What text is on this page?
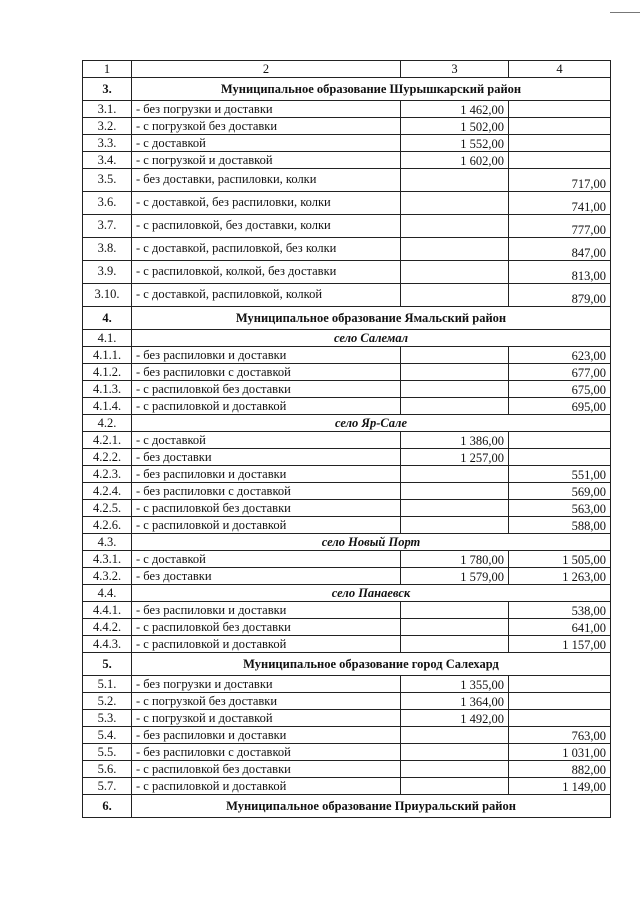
1	2	3	4
3.	Муниципальное образование Шурышкарский район		
3.1.	- без погрузки и доставки	1 462,00	
3.2.	- с погрузкой без доставки	1 502,00	
3.3.	- с доставкой	1 552,00	
3.4.	- с погрузкой и доставкой	1 602,00	
3.5.	- без доставки, распиловки, колки		717,00
3.6.	- с доставкой, без распиловки, колки		741,00
3.7.	- с распиловкой, без доставки, колки		777,00
3.8.	- с доставкой, распиловкой, без колки		847,00
3.9.	- с распиловкой, колкой, без доставки		813,00
3.10.	- с доставкой, распиловкой, колкой		879,00
4.	Муниципальное образование Ямальский район		
4.1.	село Салемал		
4.1.1.	- без распиловки и доставки		623,00
4.1.2.	- без распиловки с доставкой		677,00
4.1.3.	- с распиловкой без доставки		675,00
4.1.4.	- с распиловкой и доставкой		695,00
4.2.	село Яр-Сале		
4.2.1.	- с доставкой	1 386,00	
4.2.2.	- без доставки	1 257,00	
4.2.3.	- без распиловки и доставки		551,00
4.2.4.	- без распиловки с доставкой		569,00
4.2.5.	- с распиловкой без доставки		563,00
4.2.6.	- с распиловкой и доставкой		588,00
4.3.	село Новый Порт		
4.3.1.	- с доставкой	1 780,00	1 505,00
4.3.2.	- без доставки	1 579,00	1 263,00
4.4.	село Панаевск		
4.4.1.	- без распиловки и доставки		538,00
4.4.2.	- с распиловкой без доставки		641,00
4.4.3.	- с распиловкой и доставкой		1 157,00
5.	Муниципальное образование город Салехард		
5.1.	- без погрузки и доставки	1 355,00	
5.2.	- с погрузкой без доставки	1 364,00	
5.3.	- с погрузкой и доставкой	1 492,00	
5.4.	- без распиловки и доставки		763,00
5.5.	- без распиловки с доставкой		1 031,00
5.6.	- с распиловкой без доставки		882,00
5.7.	- с распиловкой и доставкой		1 149,00
6.	Муниципальное образование Приуральский район		
